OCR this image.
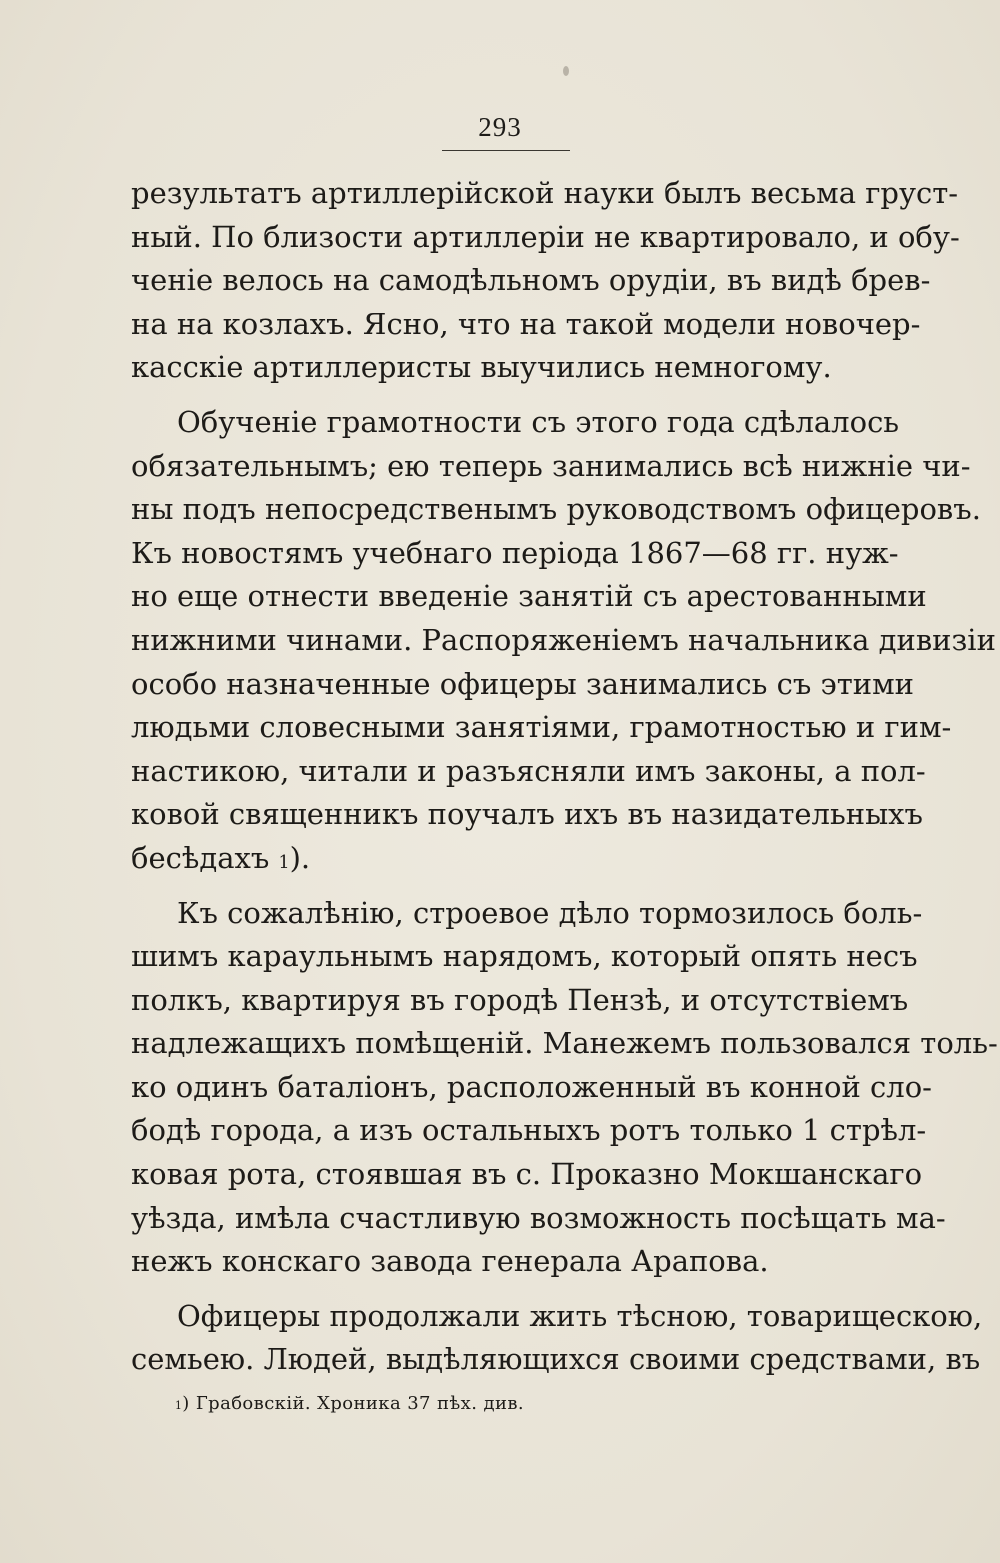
293
результатъ артиллерійской науки былъ весьма груст-
ный. По близости артиллеріи не квартировало, и обу-
ченіе велось на самодѣльномъ орудіи, въ видѣ брев-
на на козлахъ. Ясно, что на такой модели новочер-
касскіе артиллеристы выучились немногому.
Обученіе грамотности съ этого года сдѣлалось
обязательнымъ; ею теперь занимались всѣ нижніе чи-
ны подъ непосредственымъ руководствомъ офицеровъ.
Къ новостямъ учебнаго періода 1867—68 гг. нуж-
но еще отнести введеніе занятій съ арестованными
нижними чинами. Распоряженіемъ начальника дивизіи
особо назначенные офицеры занимались съ этими
людьми словесными занятіями, грамотностью и гим-
настикою, читали и разъясняли имъ законы, а пол-
ковой священникъ поучалъ ихъ въ назидательныхъ
бесѣдахъ $^1$).
Къ сожалѣнію, строевое дѣло тормозилось боль-
шимъ караульнымъ нарядомъ, который опять несъ
полкъ, квартируя въ городѣ Пензѣ, и отсутствіемъ
надлежащихъ помѣщеній. Манежемъ пользовался толь-
ко одинъ баталіонъ, расположенный въ конной сло-
бодѣ города, а изъ остальныхъ ротъ только 1 стрѣл-
ковая рота, стоявшая въ с. Проказно Мокшанскаго
уѣзда, имѣла счастливую возможность посѣщать ма-
нежъ конскаго завода генерала Арапова.
Офицеры продолжали жить тѣсною, товарищескою,
семьею. Людей, выдѣляющихся своими средствами, въ
$^1$) Грабовскій. Хроника 37 пѣх. див.
